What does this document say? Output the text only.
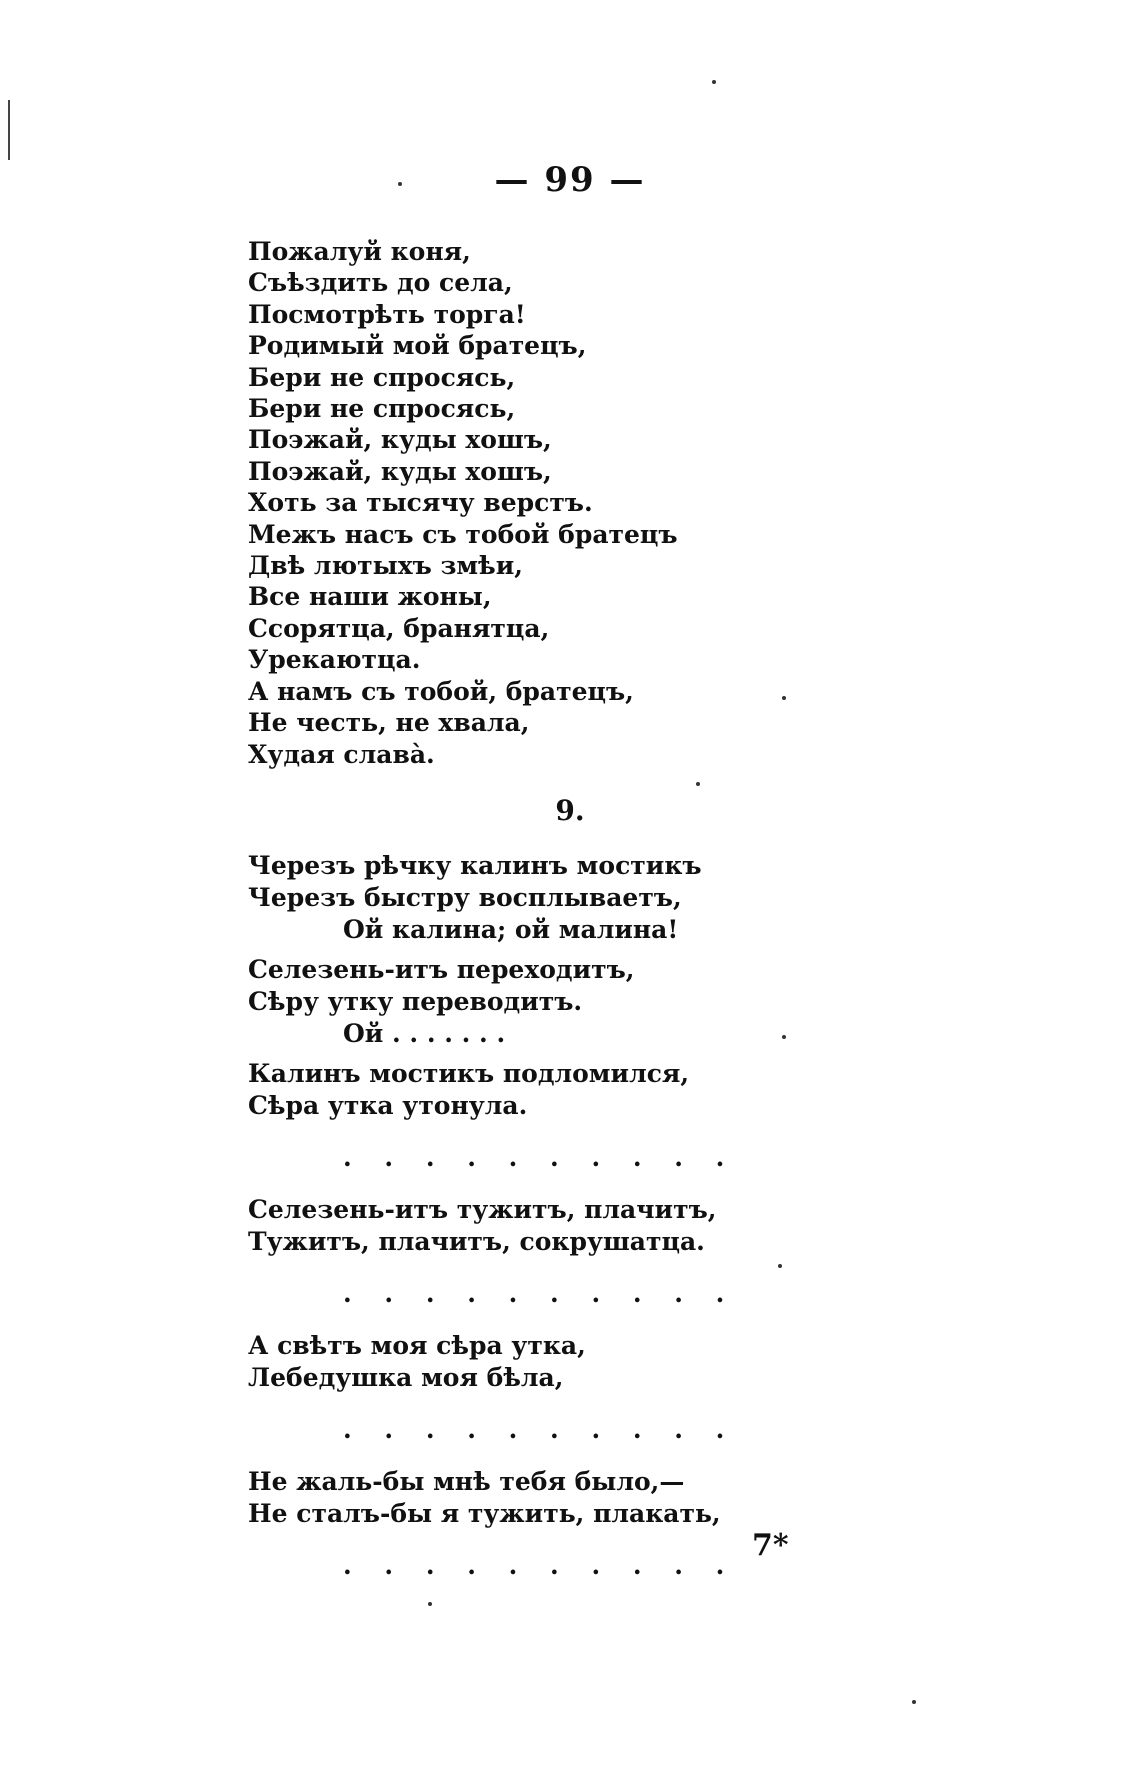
— 99 —
Пожалуй коня,
Съѣздить до села,
Посмотрѣть торга!
Родимый мой братецъ,
Бери не спросясь,
Бери не спросясь,
Поэжай, куды хошъ,
Поэжай, куды хошъ,
Хоть за тысячу верстъ.
Межъ насъ съ тобой братецъ
Двѣ лютыхъ змѣи,
Все наши жоны,
Ссорятца, бранятца,
Урекаютца.
А намъ съ тобой, братецъ,
Не честь, не хвала,
Худая славà.
9.
Черезъ рѣчку калинъ мостикъ
Черезъ быстру восплываетъ,
Ой калина; ой малина!
Селезень-итъ переходитъ,
Сѣру утку переводитъ.
Ой . . . . . . .
Калинъ мостикъ подломился,
Сѣра утка утонула.
. . . . . . . . . .
Селезень-итъ тужитъ, плачитъ,
Тужитъ, плачитъ, сокрушатца.
. . . . . . . . . .
А свѣтъ моя сѣра утка,
Лебедушка моя бѣла,
. . . . . . . . . .
Не жаль-бы мнѣ тебя было,—
Не сталъ-бы я тужить, плакать,
. . . . . . . . . .
7*
